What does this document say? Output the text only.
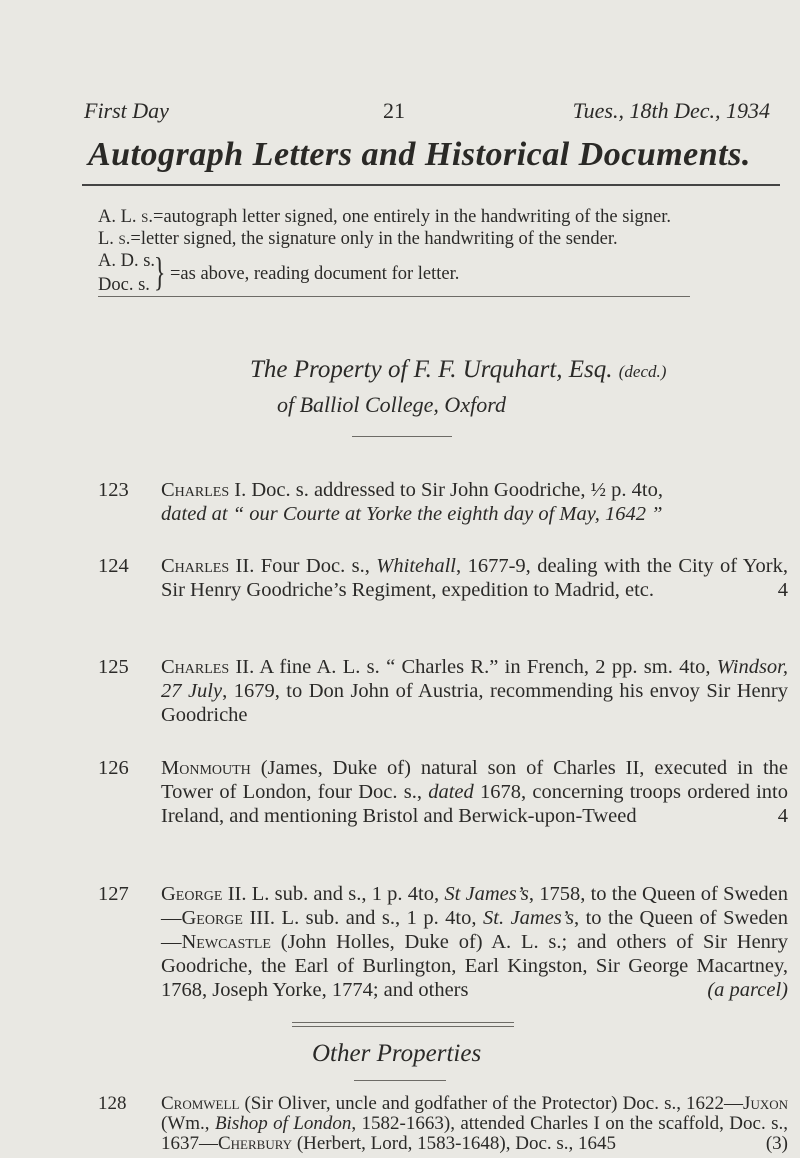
First Day	21	Tues., 18th Dec., 1934
Autograph Letters and Historical Documents.
A. L. s.=autograph letter signed, one entirely in the handwriting of the signer.
L. s.=letter signed, the signature only in the handwriting of the sender.
A. D. s.
Doc. s. } =as above, reading document for letter.
The Property of F. F. Urquhart, Esq. (decd.)
of Balliol College, Oxford
123	Charles I. Doc. s. addressed to Sir John Goodriche, ½ p. 4to,
dated at “ our Courte at Yorke the eighth day of May, 1642 ”
124	Charles II. Four Doc. s., Whitehall, 1677-9, dealing with the City of York, Sir Henry Goodriche’s Regiment, expedition to Madrid, etc.	4
125	Charles II. A fine A. L. s. “ Charles R.” in French, 2 pp. sm. 4to, Windsor, 27 July, 1679, to Don John of Austria, recommending his envoy Sir Henry Goodriche
126	Monmouth (James, Duke of) natural son of Charles II, executed in the Tower of London, four Doc. s., dated 1678, concerning troops ordered into Ireland, and mentioning Bristol and Berwick-upon-Tweed	4
127	George II. L. sub. and s., 1 p. 4to, St James’s, 1758, to the Queen of Sweden—George III. L. sub. and s., 1 p. 4to, St. James’s, to the Queen of Sweden—Newcastle (John Holles, Duke of) A. L. s.; and others of Sir Henry Goodriche, the Earl of Burlington, Earl Kingston, Sir George Macartney, 1768, Joseph Yorke, 1774; and others	(a parcel)
Other Properties
128	Cromwell (Sir Oliver, uncle and godfather of the Protector) Doc. s., 1622—Juxon (Wm., Bishop of London, 1582-1663), attended Charles I on the scaffold, Doc. s., 1637—Cherbury (Herbert, Lord, 1583-1648), Doc. s., 1645	(3)
